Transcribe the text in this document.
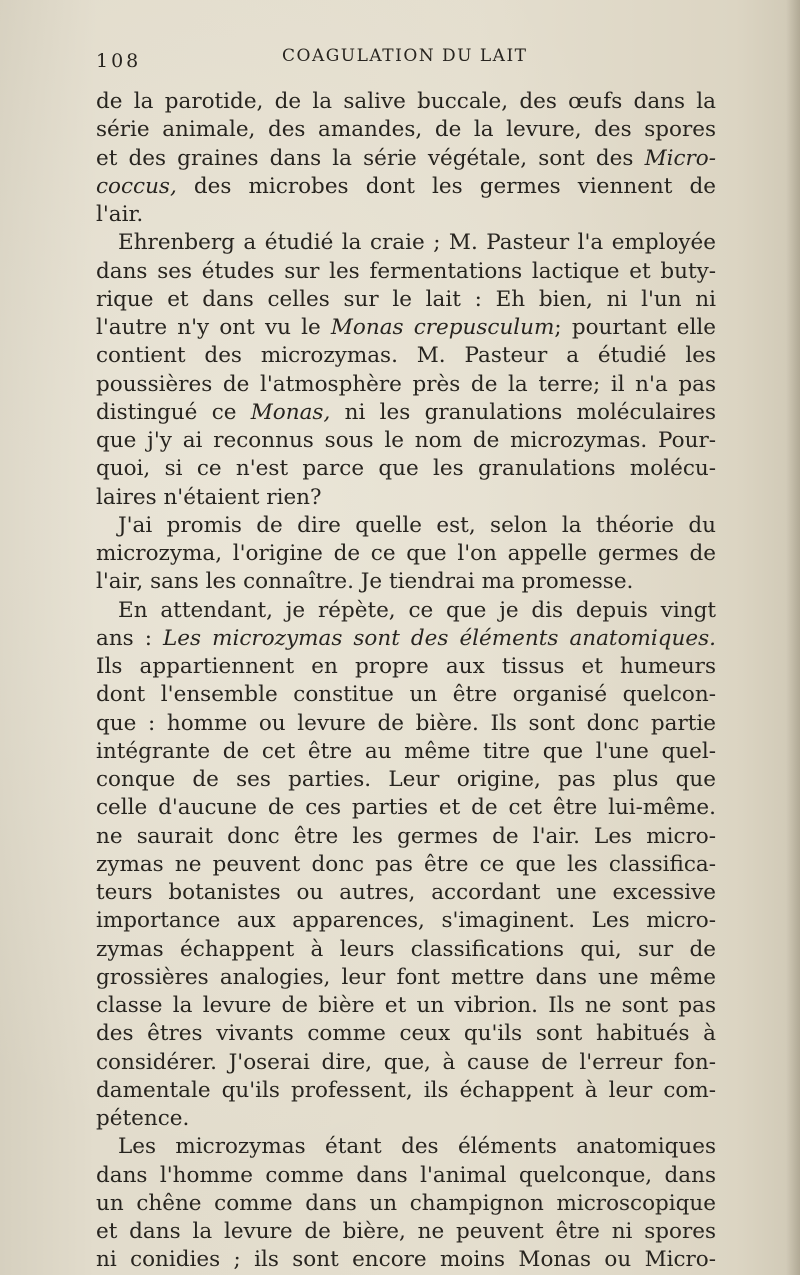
108	COAGULATION DU LAIT
de la parotide, de la salive buccale, des œufs dans la
série animale, des amandes, de la levure, des spores
et des graines dans la série végétale, sont des Micro-
coccus, des microbes dont les germes viennent de
l'air.
Ehrenberg a étudié la craie ; M. Pasteur l'a employée
dans ses études sur les fermentations lactique et buty-
rique et dans celles sur le lait : Eh bien, ni l'un ni
l'autre n'y ont vu le Monas crepusculum; pourtant elle
contient des microzymas. M. Pasteur a étudié les
poussières de l'atmosphère près de la terre; il n'a pas
distingué ce Monas, ni les granulations moléculaires
que j'y ai reconnus sous le nom de microzymas. Pour-
quoi, si ce n'est parce que les granulations molécu-
laires n'étaient rien?
J'ai promis de dire quelle est, selon la théorie du
microzyma, l'origine de ce que l'on appelle germes de
l'air, sans les connaître. Je tiendrai ma promesse.
En attendant, je répète, ce que je dis depuis vingt
ans : Les microzymas sont des éléments anatomiques.
Ils appartiennent en propre aux tissus et humeurs
dont l'ensemble constitue un être organisé quelcon-
que : homme ou levure de bière. Ils sont donc partie
intégrante de cet être au même titre que l'une quel-
conque de ses parties. Leur origine, pas plus que
celle d'aucune de ces parties et de cet être lui-même.
ne saurait donc être les germes de l'air. Les micro-
zymas ne peuvent donc pas être ce que les classifica-
teurs botanistes ou autres, accordant une excessive
importance aux apparences, s'imaginent. Les micro-
zymas échappent à leurs classifications qui, sur de
grossières analogies, leur font mettre dans une même
classe la levure de bière et un vibrion. Ils ne sont pas
des êtres vivants comme ceux qu'ils sont habitués à
considérer. J'oserai dire, que, à cause de l'erreur fon-
damentale qu'ils professent, ils échappent à leur com-
pétence.
Les microzymas étant des éléments anatomiques
dans l'homme comme dans l'animal quelconque, dans
un chêne comme dans un champignon microscopique
et dans la levure de bière, ne peuvent être ni spores
ni conidies ; ils sont encore moins Monas ou Micro-
